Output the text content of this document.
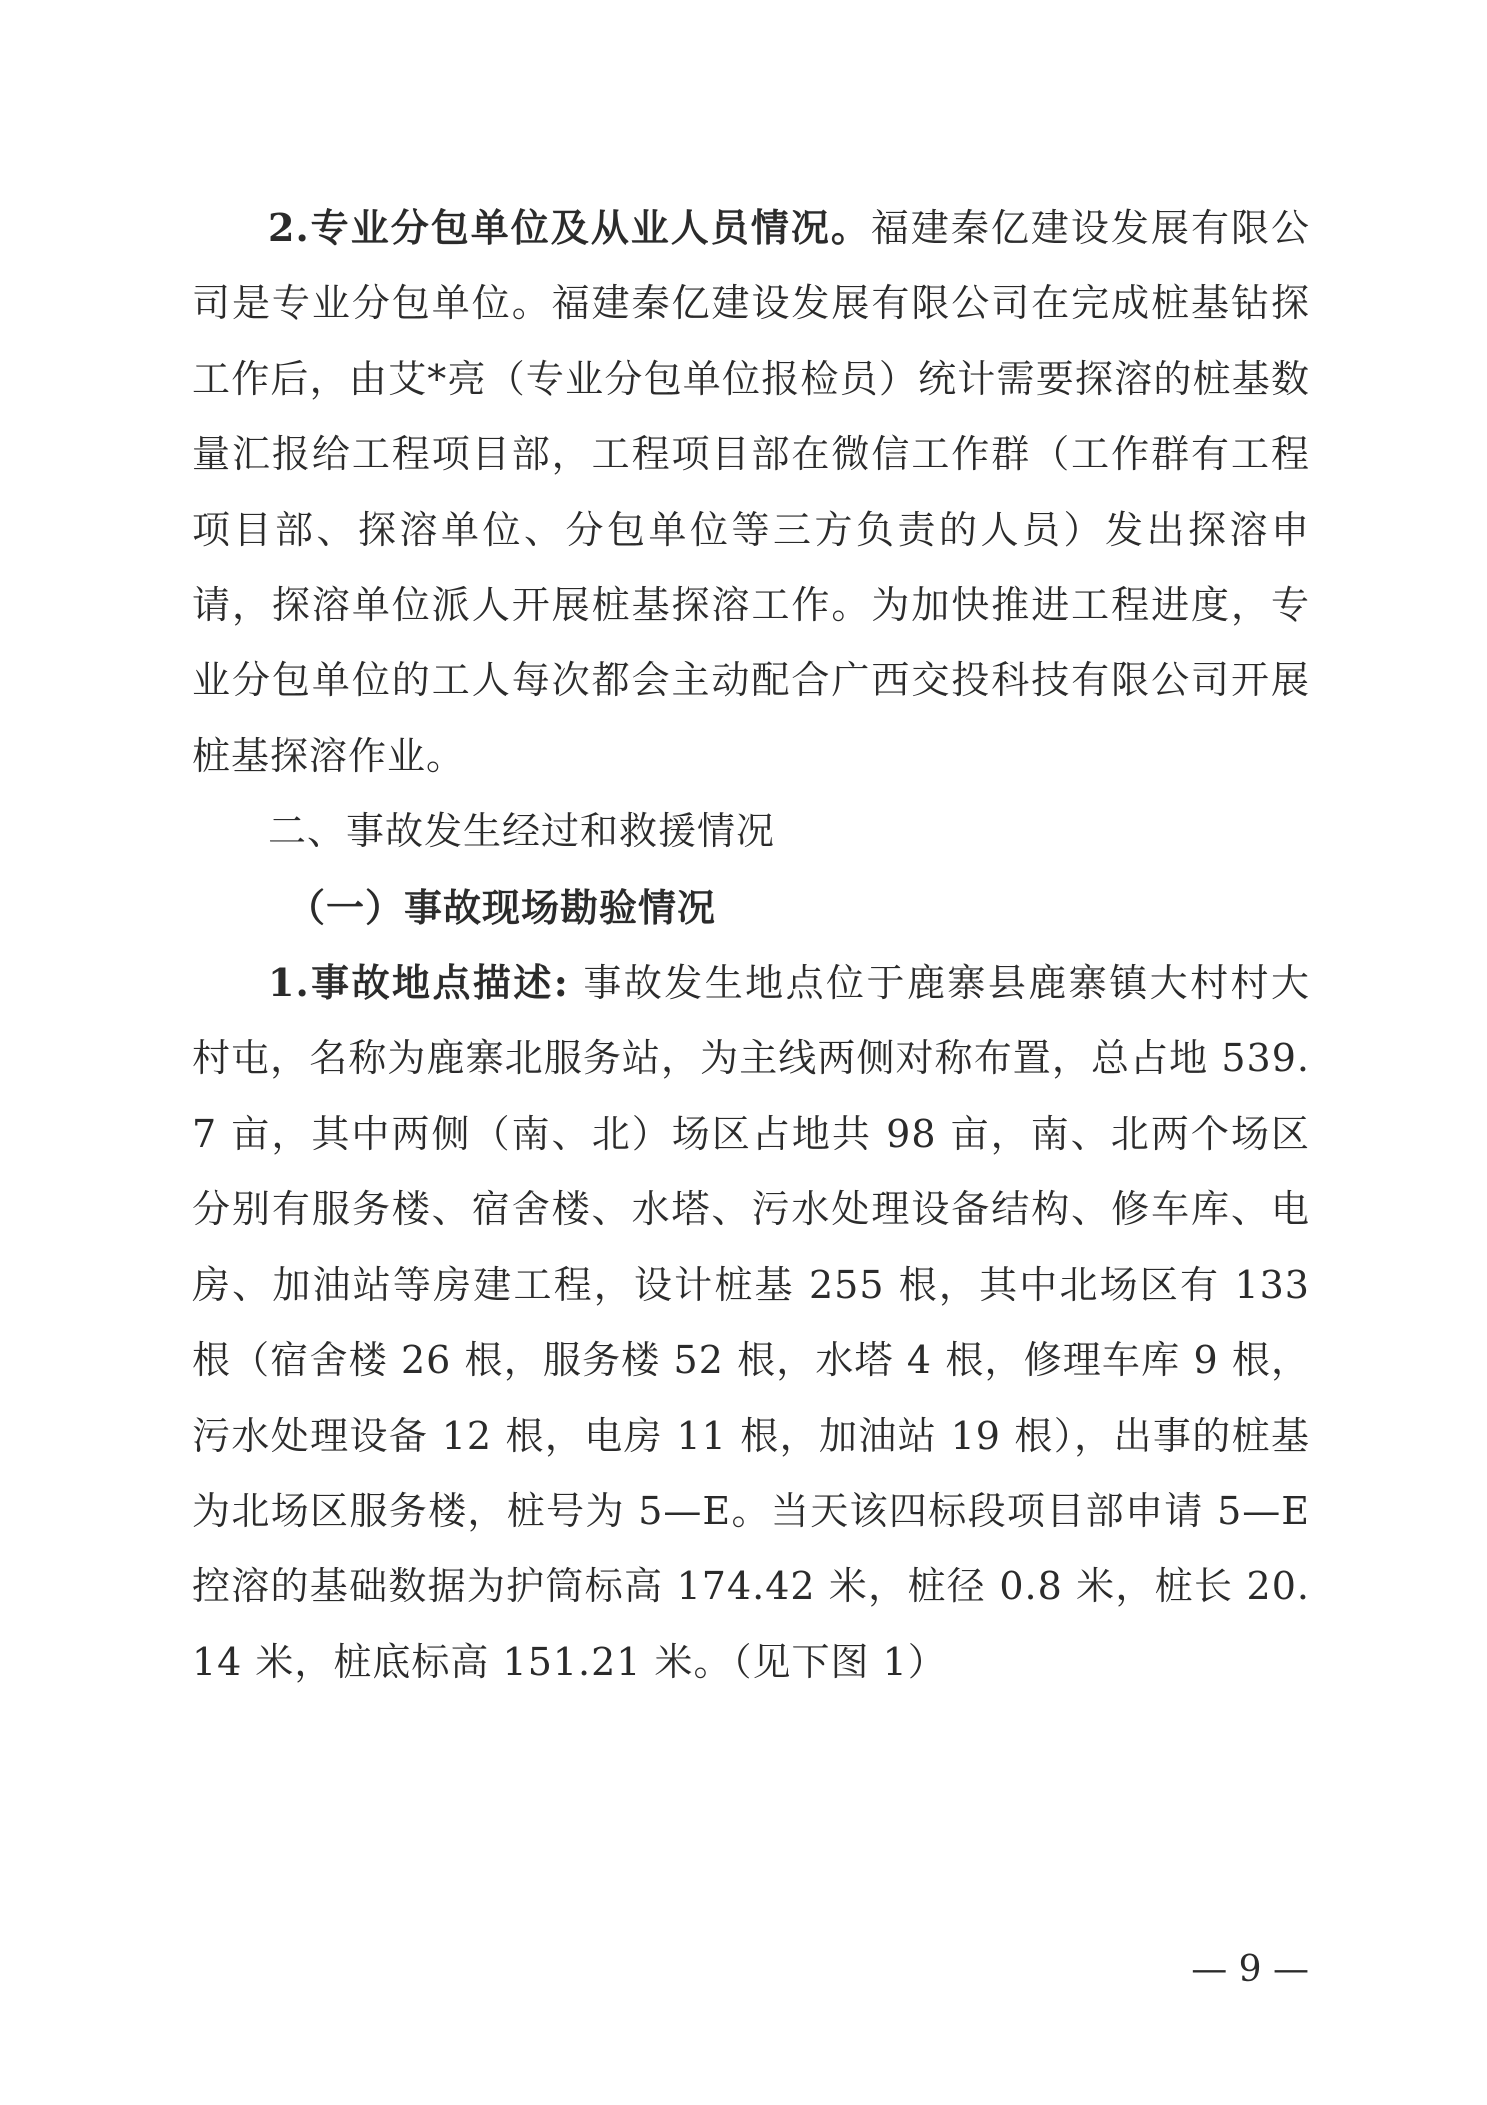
2.专业分包单位及从业人员情况。福建秦亿建设发展有限公司是专业分包单位。福建秦亿建设发展有限公司在完成桩基钻探工作后，由艾*亮（专业分包单位报检员）统计需要探溶的桩基数量汇报给工程项目部，工程项目部在微信工作群（工作群有工程项目部、探溶单位、分包单位等三方负责的人员）发出探溶申请，探溶单位派人开展桩基探溶工作。为加快推进工程进度，专业分包单位的工人每次都会主动配合广西交投科技有限公司开展桩基探溶作业。

二、事故发生经过和救援情况

（一）事故现场勘验情况

1.事故地点描述: 事故发生地点位于鹿寨县鹿寨镇大村村大村屯，名称为鹿寨北服务站，为主线两侧对称布置，总占地 539.7 亩，其中两侧（南、北）场区占地共 98 亩，南、北两个场区分别有服务楼、宿舍楼、水塔、污水处理设备结构、修车库、电房、加油站等房建工程，设计桩基 255 根，其中北场区有 133 根（宿舍楼 26 根，服务楼 52 根，水塔 4 根，修理车库 9 根，污水处理设备 12 根，电房 11 根，加油站 19 根），出事的桩基为北场区服务楼，桩号为 5—E。当天该四标段项目部申请 5—E 控溶的基础数据为护筒标高 174.42 米，桩径 0.8 米，桩长 20.14 米，桩底标高 151.21 米。（见下图 1）

— 9 —
